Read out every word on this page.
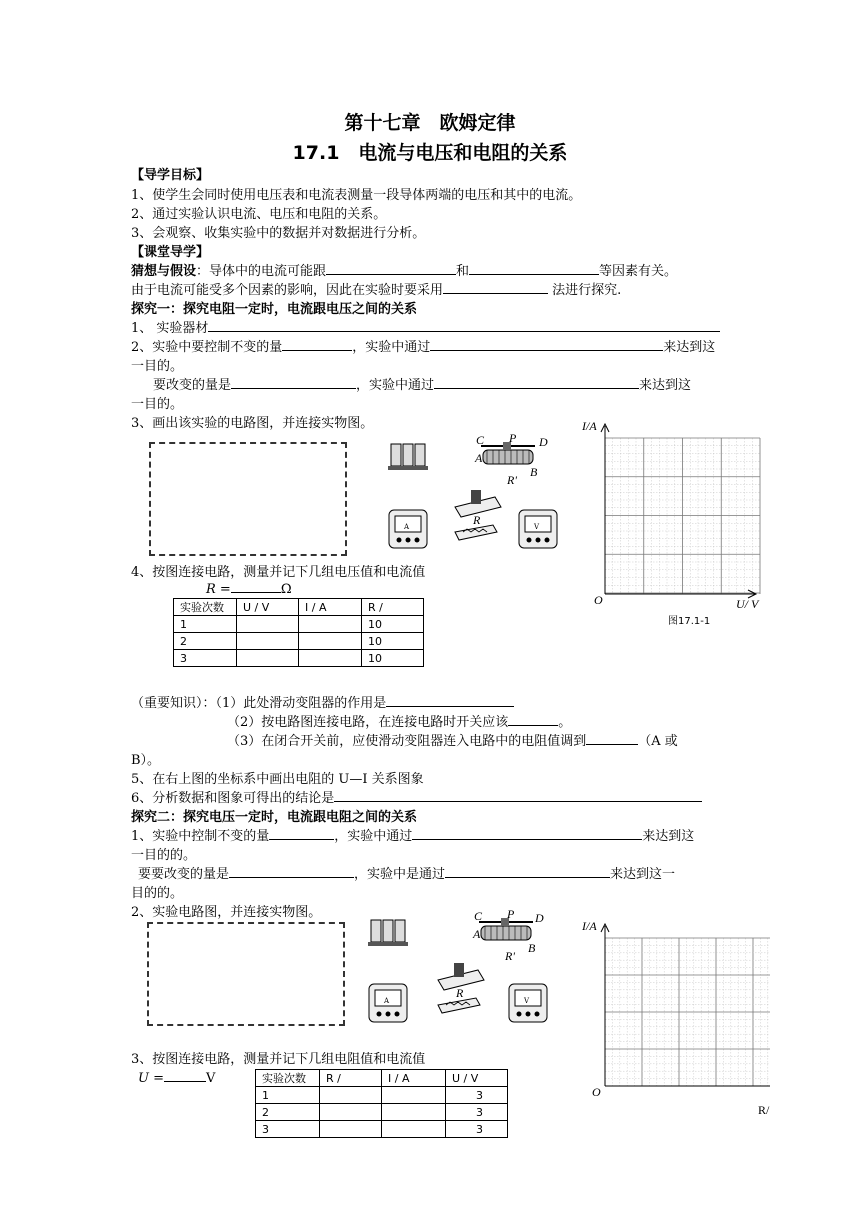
第十七章　欧姆定律
17.1　电流与电压和电阻的关系
【导学目标】
1、使学生会同时使用电压表和电流表测量一段导体两端的电压和其中的电流。
2、通过实验认识电流、电压和电阻的关系。
3、会观察、收集实验中的数据并对数据进行分析。
【课堂导学】
猜想与假设：导体中的电流可能跟	和	等因素有关。
由于电流可能受多个因素的影响，因此在实验时要采用	法进行探究.
探究一：探究电阻一定时，电流跟电压之间的关系
1、 实验器材
2、实验中要控制不变的量	，实验中通过	来达到这
一目的。
要改变的量是	，实验中通过	来达到这
一目的。
3、画出该实验的电路图，并连接实物图。
C P D
A
B
R'
A	R	V
I/A
O	U/ V
图17.1-1
4、按图连接电路，测量并记下几组电压值和电流值
R =	Ω
实验次数	U / V	I / A	R /
1			10
2			10
3			10
（重要知识）：（1）此处滑动变阻器的作用是
（2）按电路图连接电路，在连接电路时开关应该	。
（3）在闭合开关前，应使滑动变阻器连入电路中的电阻值调到	（A 或
B）。
5、在右上图的坐标系中画出电阻的 U—I 关系图象
6、分析数据和图象可得出的结论是
探究二：探究电压一定时，电流跟电阻之间的关系
1、实验中控制不变的量	，实验中通过	来达到这
一目的的。
要要改变的量是	，实验中是通过	来达到这一
目的的。
2、实验电路图，并连接实物图。	C P D
A
B
R'
A
R
V
I/A
O
R/
3、按图连接电路，测量并记下几组电阻值和电流值
U =	V	实验次数	R /	I / A	U / V
1			3
2			3
3			3
